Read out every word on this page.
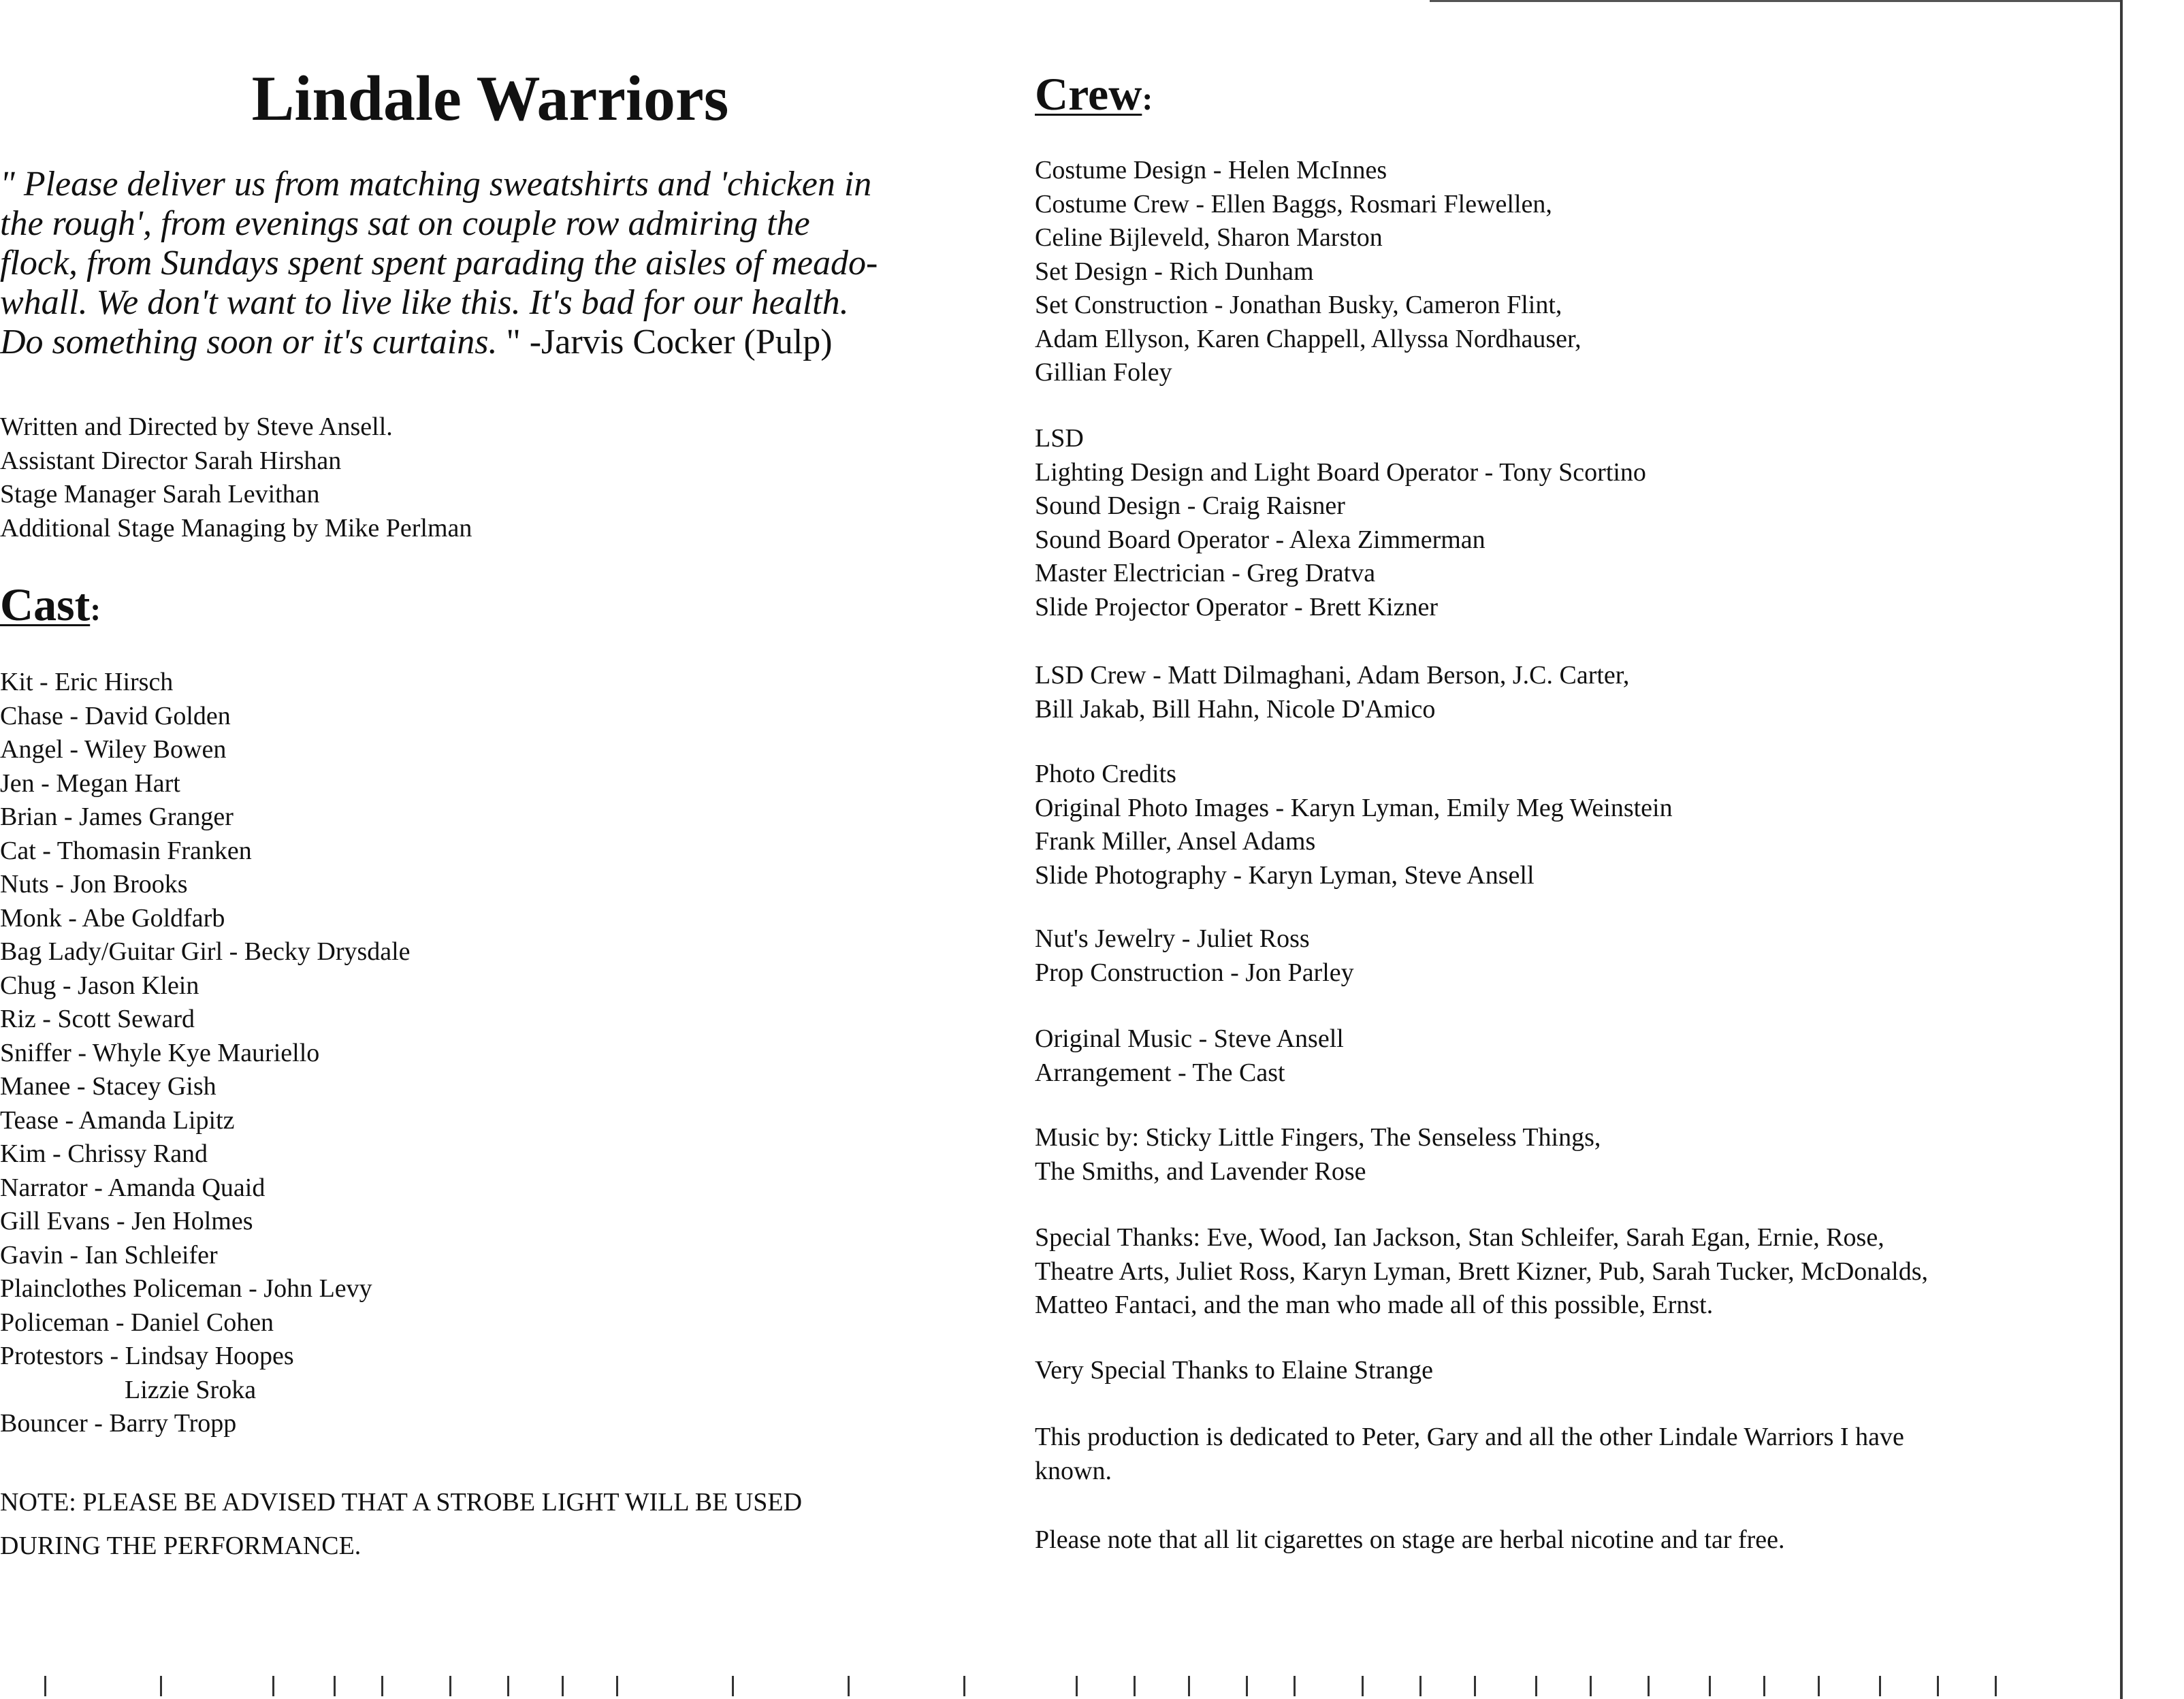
Lindale Warriors

" Please deliver us from matching sweatshirts and 'chicken in
the rough', from evenings sat on couple row admiring the
flock, from Sundays spent spent parading the aisles of meado-
whall. We don't want to live like this. It's bad for our health.
Do something soon or it's curtains. " -Jarvis Cocker (Pulp)

Written and Directed by Steve Ansell.
Assistant Director Sarah Hirshan
Stage Manager Sarah Levithan
Additional Stage Managing by Mike Perlman
Cast:
Kit - Eric Hirsch
Chase - David Golden
Angel - Wiley Bowen
Jen - Megan Hart
Brian - James Granger
Cat - Thomasin Franken
Nuts - Jon Brooks
Monk - Abe Goldfarb
Bag Lady/Guitar Girl - Becky Drysdale
Chug - Jason Klein
Riz - Scott Seward
Sniffer - Whyle Kye Mauriello
Manee - Stacey Gish
Tease - Amanda Lipitz
Kim - Chrissy Rand
Narrator - Amanda Quaid
Gill Evans - Jen Holmes
Gavin - Ian Schleifer
Plainclothes Policeman - John Levy
Policeman - Daniel Cohen
Protestors - Lindsay Hoopes
Lizzie Sroka
Bouncer - Barry Tropp

NOTE: PLEASE BE ADVISED THAT A STROBE LIGHT WILL BE USED
DURING THE PERFORMANCE.

Crew:
Costume Design - Helen McInnes
Costume Crew - Ellen Baggs, Rosmari Flewellen,
Celine Bijleveld, Sharon Marston
Set Design - Rich Dunham
Set Construction - Jonathan Busky, Cameron Flint,
Adam Ellyson, Karen Chappell, Allyssa Nordhauser,
Gillian Foley
LSD
Lighting Design and Light Board Operator - Tony Scortino
Sound Design - Craig Raisner
Sound Board Operator - Alexa Zimmerman
Master Electrician - Greg Dratva
Slide Projector Operator - Brett Kizner
LSD Crew - Matt Dilmaghani, Adam Berson, J.C. Carter,
Bill Jakab, Bill Hahn, Nicole D'Amico
Photo Credits
Original Photo Images - Karyn Lyman, Emily Meg Weinstein
Frank Miller, Ansel Adams
Slide Photography - Karyn Lyman, Steve Ansell
Nut's Jewelry - Juliet Ross
Prop Construction - Jon Parley
Original Music - Steve Ansell
Arrangement - The Cast
Music by: Sticky Little Fingers, The Senseless Things,
The Smiths, and Lavender Rose
Special Thanks: Eve, Wood, Ian Jackson, Stan Schleifer, Sarah Egan, Ernie, Rose,
Theatre Arts, Juliet Ross, Karyn Lyman, Brett Kizner, Pub, Sarah Tucker, McDonalds,
Matteo Fantaci, and the man who made all of this possible, Ernst.
Very Special Thanks to Elaine Strange
This production is dedicated to Peter, Gary and all the other Lindale Warriors I have
known.
Please note that all lit cigarettes on stage are herbal nicotine and tar free.
